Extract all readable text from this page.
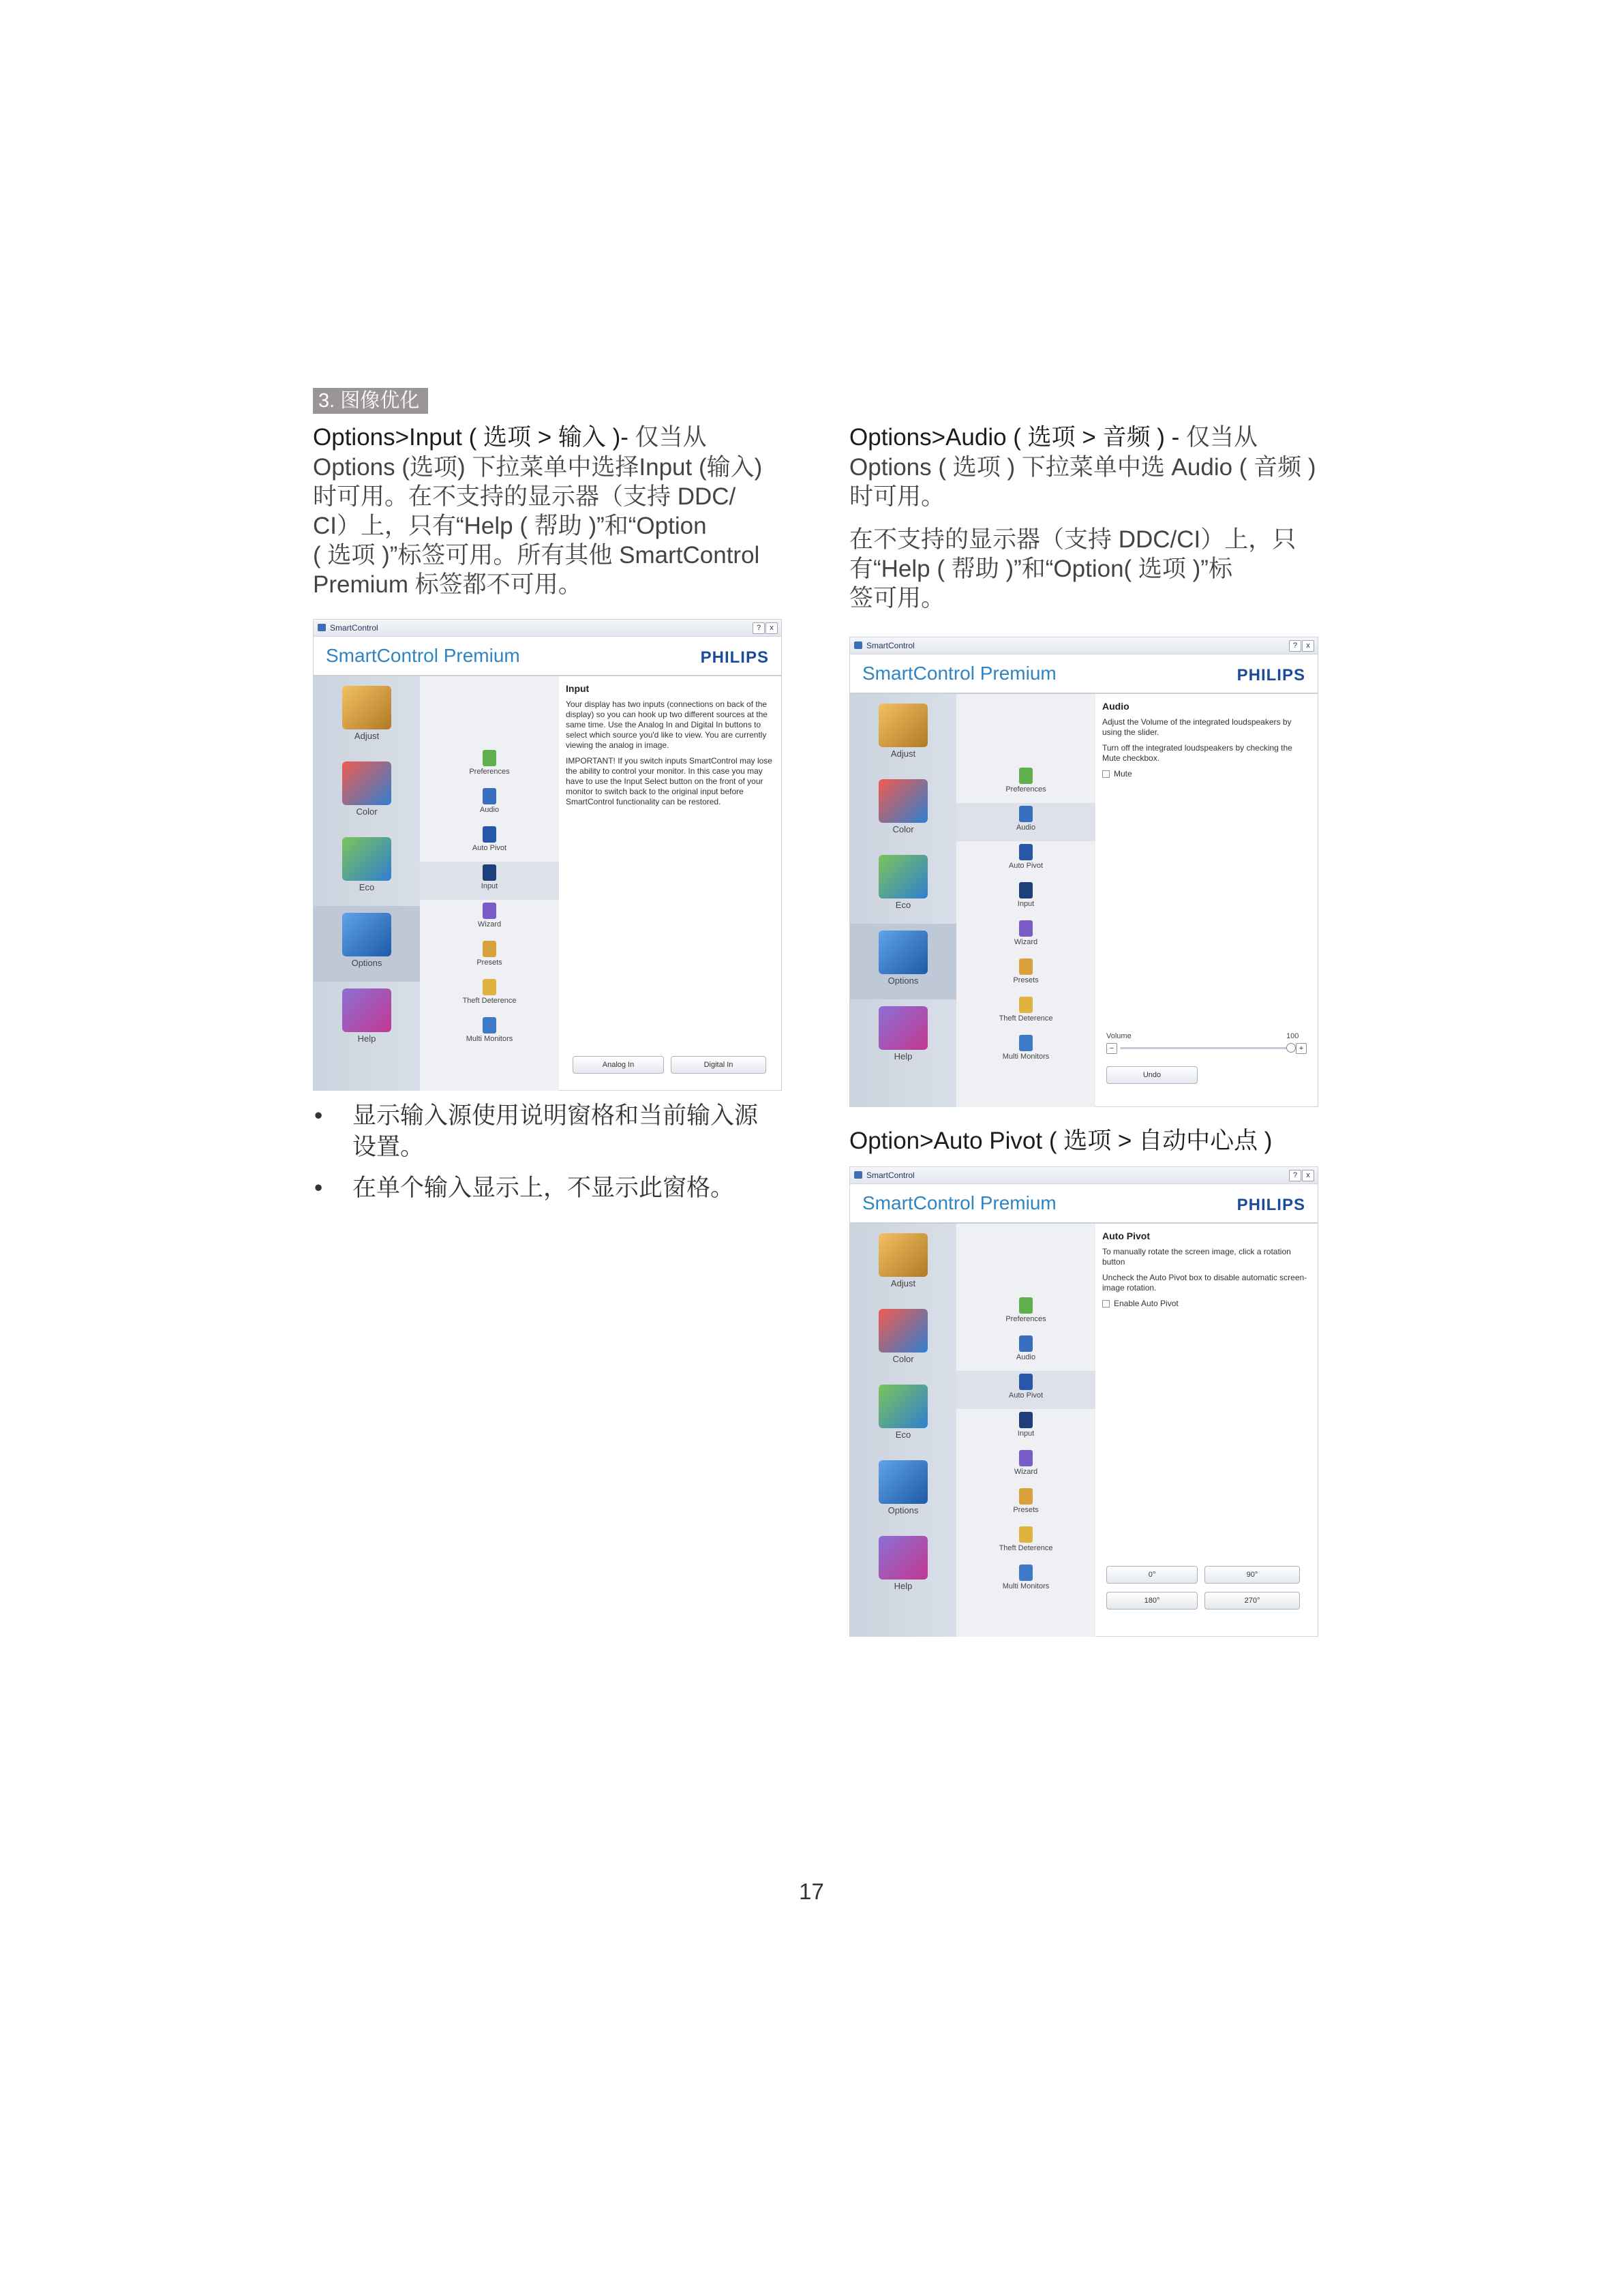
3. 图像优化
Options>Input ( 选项 > 输入 )- 仅当从
Options (选项) 下拉菜单中选择Input (输入)
时可用。在不支持的显示器（支持 DDC/
CI）上，只有“Help ( 帮助 )”和“Option
( 选项 )”标签可用。所有其他 SmartControl
Premium 标签都不可用。
Options>Audio ( 选项 > 音频 ) - 仅当从
Options ( 选项 ) 下拉菜单中选 Audio ( 音频 )
时可用。
在不支持的显示器（支持 DDC/CI）上，只
有“Help ( 帮助 )”和“Option( 选项 )”标
签可用。
Option>Auto Pivot ( 选项 > 自动中心点 )
SmartControl	?	x
SmartControl Premium	PHILIPS
Adjust
Color
Eco
Options
Help
Preferences
Audio
Auto Pivot
Input
Wizard
Presets
Theft Deterence
Multi Monitors
Input
Your display has two inputs (connections on back of the display) so you can hook up two different sources at the same time. Use the Analog In and Digital In buttons to select which source you'd like to view. You are currently viewing the analog in image.
IMPORTANT! If you switch inputs SmartControl may lose the ability to control your monitor. In this case you may have to use the Input Select button on the front of your monitor to switch back to the original input before SmartControl functionality can be restored.
Analog In	Digital In
SmartControl	?	x
SmartControl Premium	PHILIPS
Adjust
Color
Eco
Options
Help
Preferences
Audio
Auto Pivot
Input
Wizard
Presets
Theft Deterence
Multi Monitors
Audio
Adjust the Volume of the integrated loudspeakers by using the slider.
Turn off the integrated loudspeakers by checking the Mute checkbox.
Mute
Volume	100
−	+
Undo
SmartControl	?	x
SmartControl Premium	PHILIPS
Adjust
Color
Eco
Options
Help
Preferences
Audio
Auto Pivot
Input
Wizard
Presets
Theft Deterence
Multi Monitors
Auto Pivot
To manually rotate the screen image, click a rotation button
Uncheck the Auto Pivot box to disable automatic screen-image rotation.
Enable Auto Pivot
0°	90°
180°	270°
• 显示输入源使用说明窗格和当前输入源
设置。
• 在单个输入显示上，不显示此窗格。
17
